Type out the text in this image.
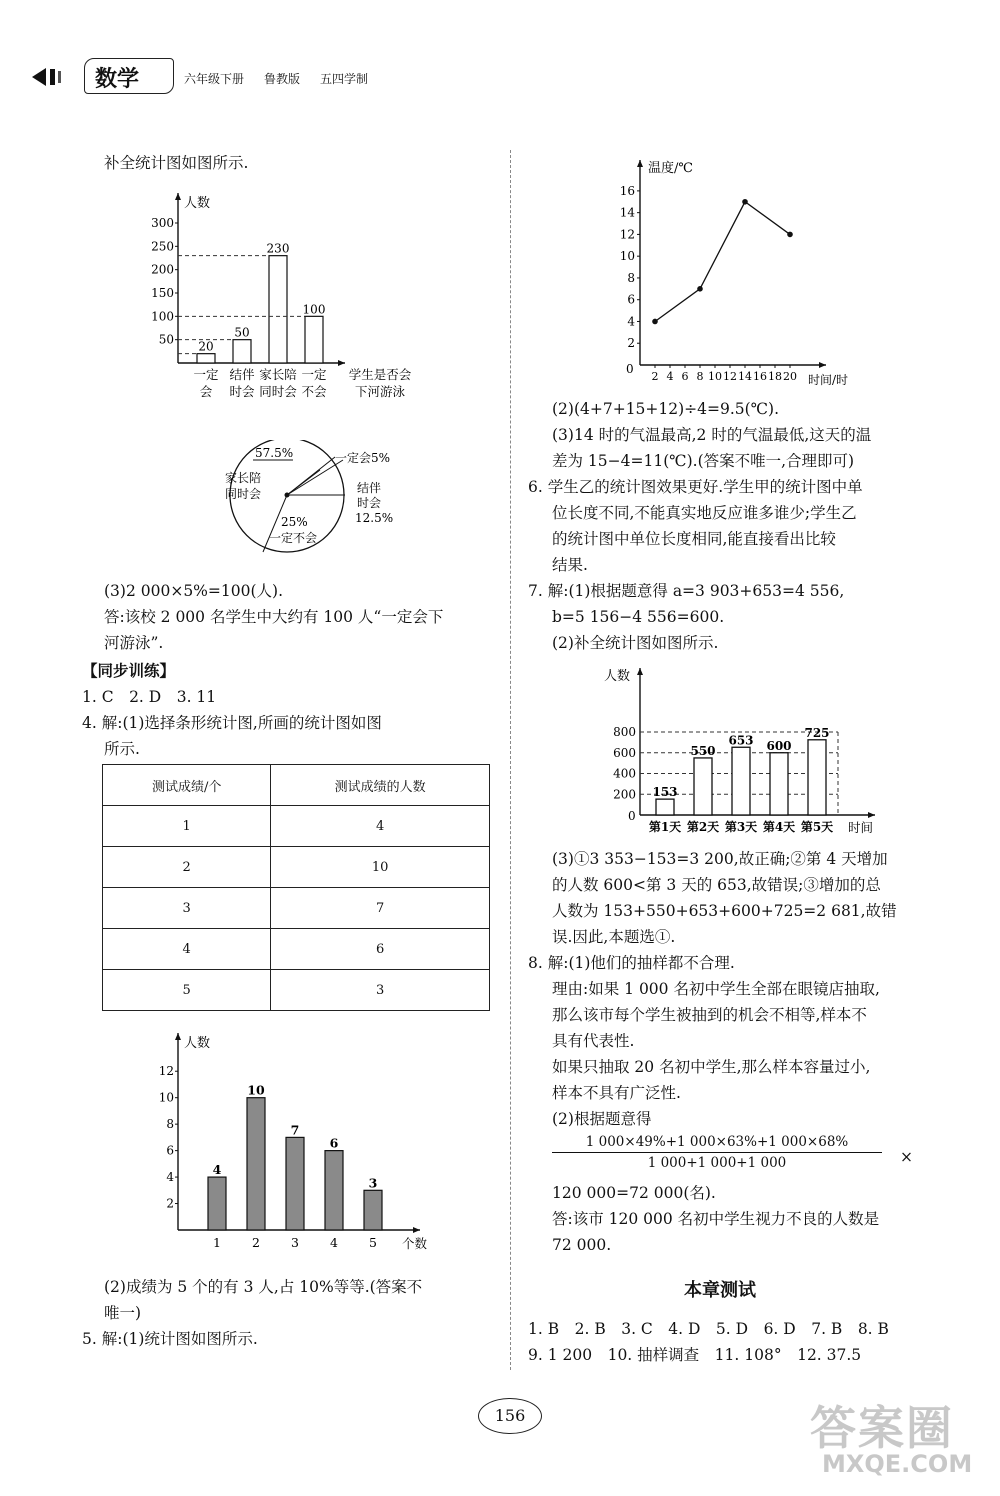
数学	六年级下册 鲁教版 五四学制
补全统计图如图所示.
人数
50
100
150
200
250
300
20
一定
会
50
结伴
时会
230
家长陪
同时会
100
一定
不会
学生是否会
下河游泳
57.5%	一定会5%
家长陪
同时会	结伴
时会
12.5%
25%
一定不会
(3)2 000×5%=100(人).
答:该校 2 000 名学生中大约有 100 人“一定会下
河游泳”.
【同步训练】
1. C　2. D　3. 11
4. 解:(1)选择条形统计图,所画的统计图如图
所示.
测试成绩/个	测试成绩的人数
1	4
2	10
3	7
4	6
5	3
人数
2
4
6
8
10
12
4
1
10
2
7
3
6
4
3
5 个数
(2)成绩为 5 个的有 3 人,占 10%等等.(答案不
唯一)
5. 解:(1)统计图如图所示.
温度/℃
0
2
4
6
8
10
12
14
16
2 4 6 8 10 12 14 16 18 20 时间/时
(2)(4+7+15+12)÷4=9.5(℃).
(3)14 时的气温最高,2 时的气温最低,这天的温
差为 15−4=11(℃).(答案不唯一,合理即可)
6. 学生乙的统计图效果更好.学生甲的统计图中单
位长度不同,不能真实地反应谁多谁少;学生乙
的统计图中单位长度相同,能直接看出比较
结果.
7. 解:(1)根据题意得 a=3 903+653=4 556,
b=5 156−4 556=600.
(2)补全统计图如图所示.
人数
0
200
400
600
800
153
第1天
550
第2天
653
第3天
600
第4天
725
第5天 时间
(3)①3 353−153=3 200,故正确;②第 4 天增加
的人数 600<第 3 天的 653,故错误;③增加的总
人数为 153+550+653+600+725=2 681,故错
误.因此,本题选①.
8. 解:(1)他们的抽样都不合理.
理由:如果 1 000 名初中学生全部在眼镜店抽取,
那么该市每个学生被抽到的机会不相等,样本不
具有代表性.
如果只抽取 20 名初中学生,那么样本容量过小,
样本不具有广泛性.
(2)根据题意得
1 000×49%+1 000×63%+1 000×68%
1 000+1 000+1 000	×
120 000=72 000(名).
答:该市 120 000 名初中学生视力不良的人数是
72 000.
本章测试
1. B　2. B　3. C　4. D　5. D　6. D　7. B　8. B
9. 1 200　10. 抽样调查　11. 108°　12. 37.5
156	答案圈
MXQE.COM
